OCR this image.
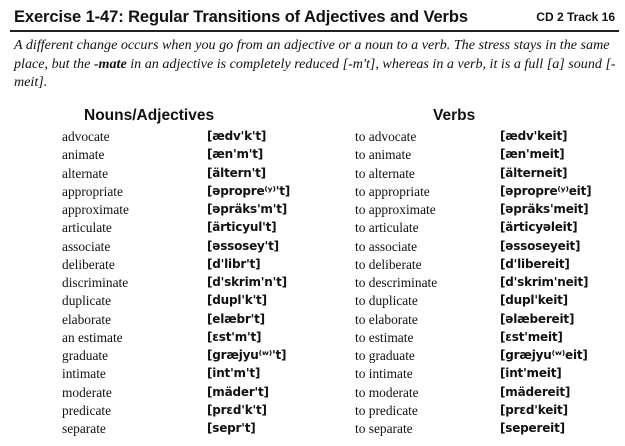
Exercise 1-47: Regular Transitions of Adjectives and Verbs	CD 2 Track 16
A different change occurs when you go from an adjective or a noun to a verb. The stress stays in the same place, but the -mate in an adjective is completely reduced [-m't], whereas in a verb, it is a full [a] sound [-meit].
Nouns/Adjectives	Verbs
advocate	[ædv'k't]	to advocate	[ædv'keit]
animate	[æn'm't]	to animate	[æn'meit]
alternate	[ältern't]	to alternate	[älterneit]
appropriate	[əpropre⁽ʸ⁾'t]	to appropriate	[əpropre⁽ʸ⁾eit]
approximate	[əpräks'm't]	to approximate	[əpräks'meit]
articulate	[ärticyul't]	to articulate	[ärticyəleit]
associate	[əssosey't]	to associate	[əssoseyeit]
deliberate	[d'libr't]	to deliberate	[d'libereit]
discriminate	[d'skrim'n't]	to descriminate	[d'skrim'neit]
duplicate	[dupl'k't]	to duplicate	[dupl'keit]
elaborate	[elæbr't]	to elaborate	[əlæbereit]
an estimate	[ɛst'm't]	to estimate	[ɛst'meit]
graduate	[græjyu⁽ʷ⁾'t]	to graduate	[græjyu⁽ʷ⁾eit]
intimate	[int'm't]	to intimate	[int'meit]
moderate	[mäder't]	to moderate	[mädereit]
predicate	[prɛd'k't]	to predicate	[prɛd'keit]
separate	[sepr't]	to separate	[sepereit]
